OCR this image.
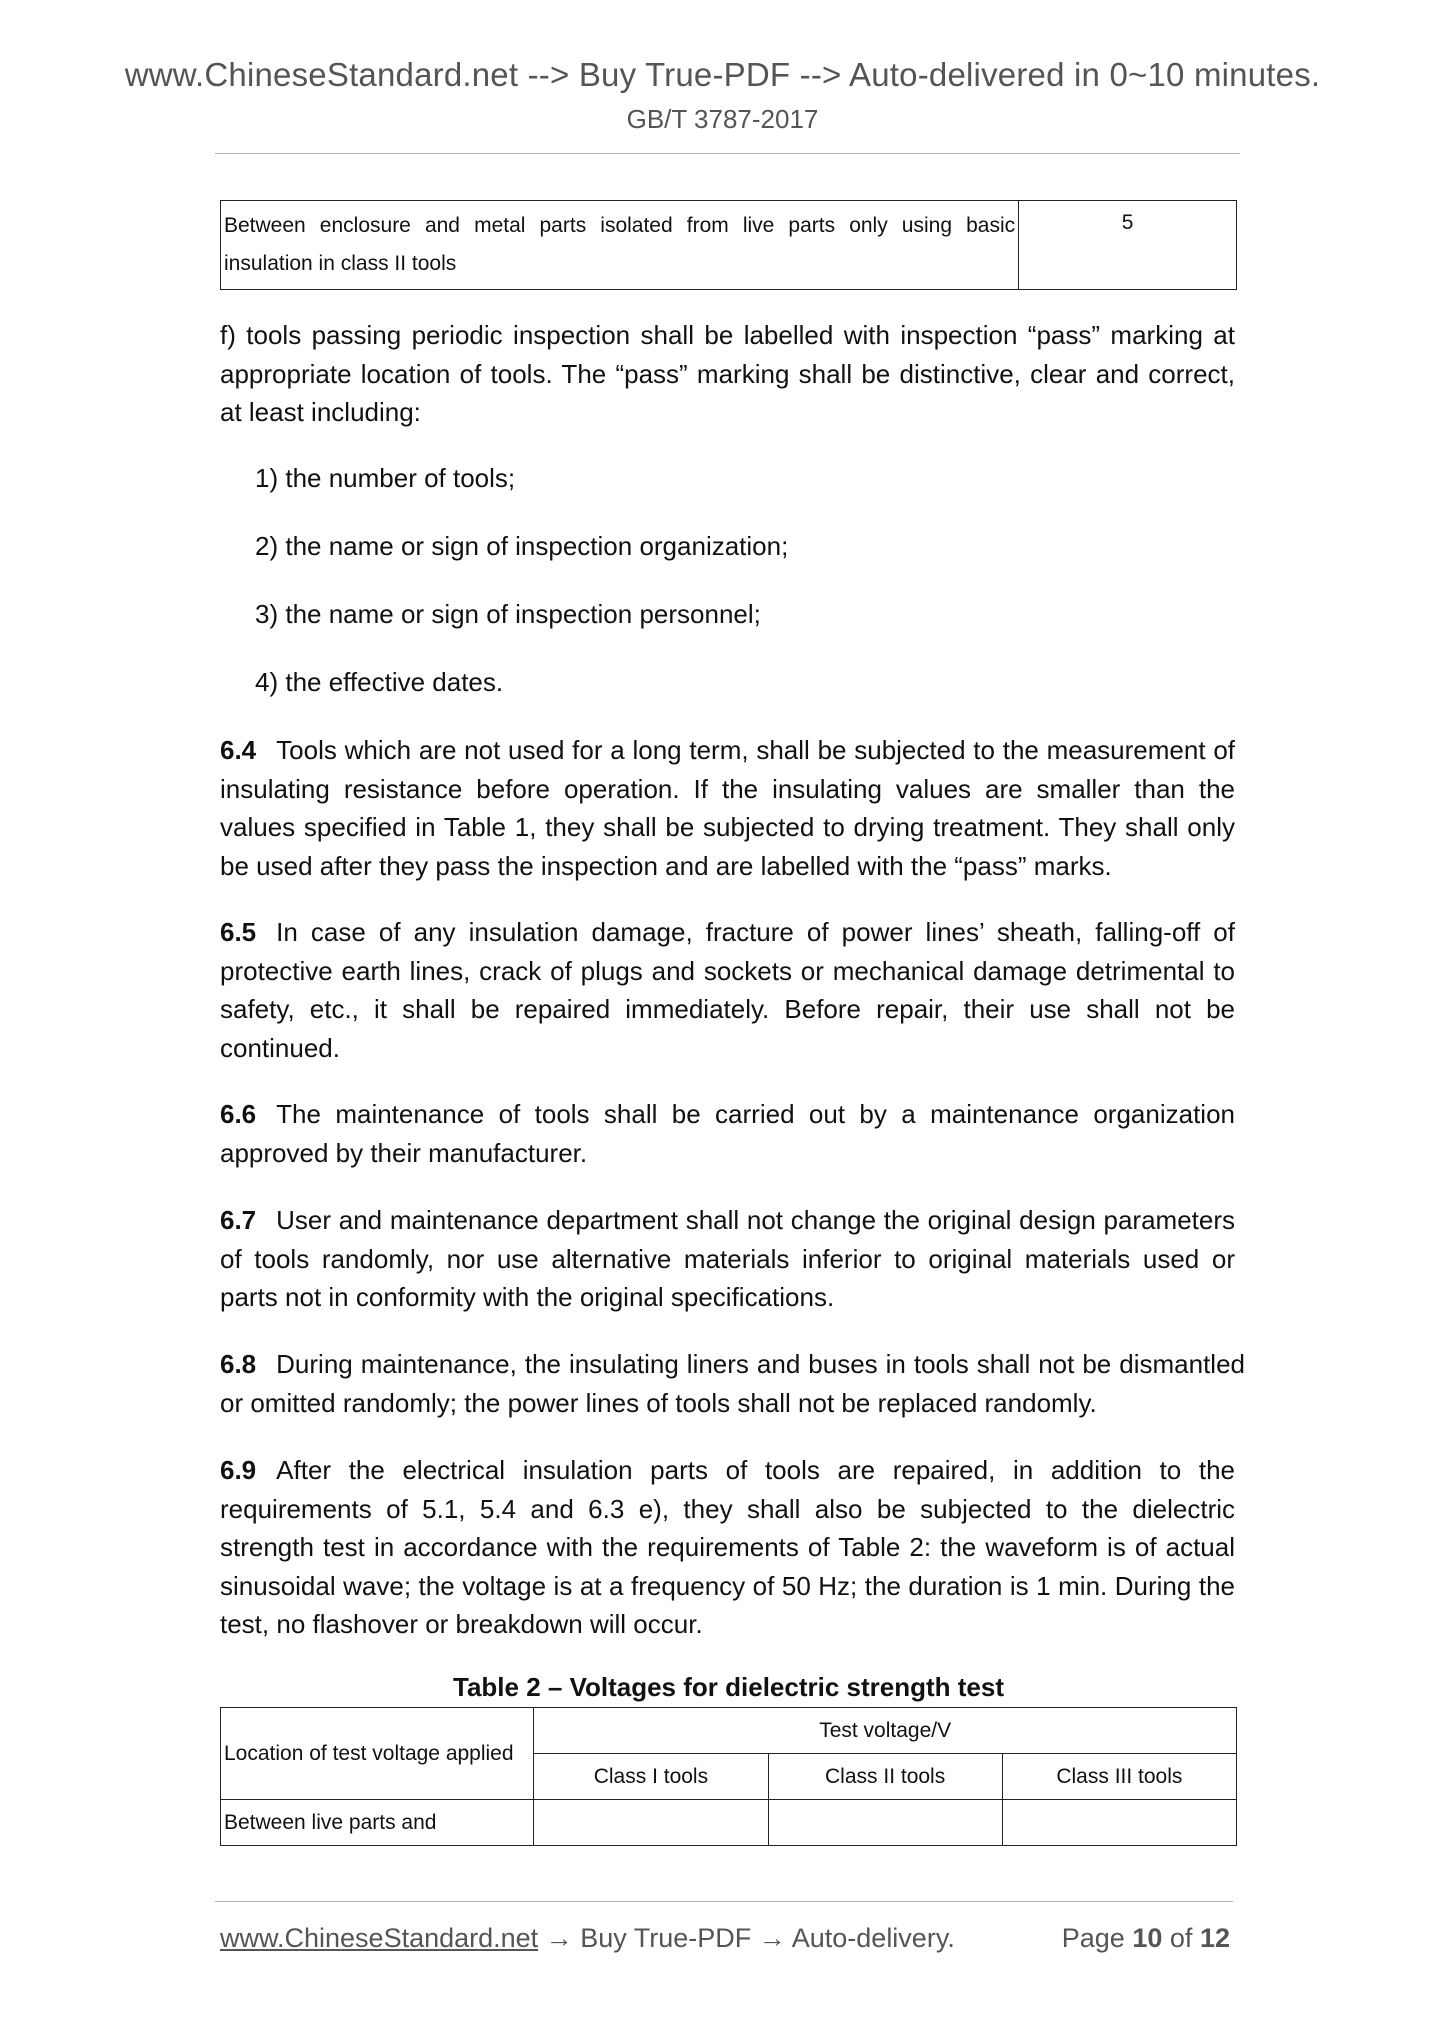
www.ChineseStandard.net --> Buy True-PDF --> Auto-delivered in 0~10 minutes.
GB/T 3787-2017
Between enclosure and metal parts isolated from live parts only using basic insulation in class II tools	5
f) tools passing periodic inspection shall be labelled with inspection “pass” marking at appropriate location of tools. The “pass” marking shall be distinctive, clear and correct, at least including:
1) the number of tools;
2) the name or sign of inspection organization;
3) the name or sign of inspection personnel;
4) the effective dates.
6.4 Tools which are not used for a long term, shall be subjected to the measurement of insulating resistance before operation. If the insulating values are smaller than the values specified in Table 1, they shall be subjected to drying treatment. They shall only be used after they pass the inspection and are labelled with the “pass” marks.
6.5 In case of any insulation damage, fracture of power lines’ sheath, falling-off of protective earth lines, crack of plugs and sockets or mechanical damage detrimental to safety, etc., it shall be repaired immediately. Before repair, their use shall not be continued.
6.6 The maintenance of tools shall be carried out by a maintenance organization approved by their manufacturer.
6.7 User and maintenance department shall not change the original design parameters of tools randomly, nor use alternative materials inferior to original materials used or parts not in conformity with the original specifications.
6.8 During maintenance, the insulating liners and buses in tools shall not be dismantled or omitted randomly; the power lines of tools shall not be replaced randomly.
6.9 After the electrical insulation parts of tools are repaired, in addition to the requirements of 5.1, 5.4 and 6.3 e), they shall also be subjected to the dielectric strength test in accordance with the requirements of Table 2: the waveform is of actual sinusoidal wave; the voltage is at a frequency of 50 Hz; the duration is 1 min. During the test, no flashover or breakdown will occur.
Table 2 – Voltages for dielectric strength test
Location of test voltage applied	Test voltage/V		
	Class I tools	Class II tools	Class III tools
Between live parts and			
www.ChineseStandard.net → Buy True-PDF → Auto-delivery.	Page 10 of 12
